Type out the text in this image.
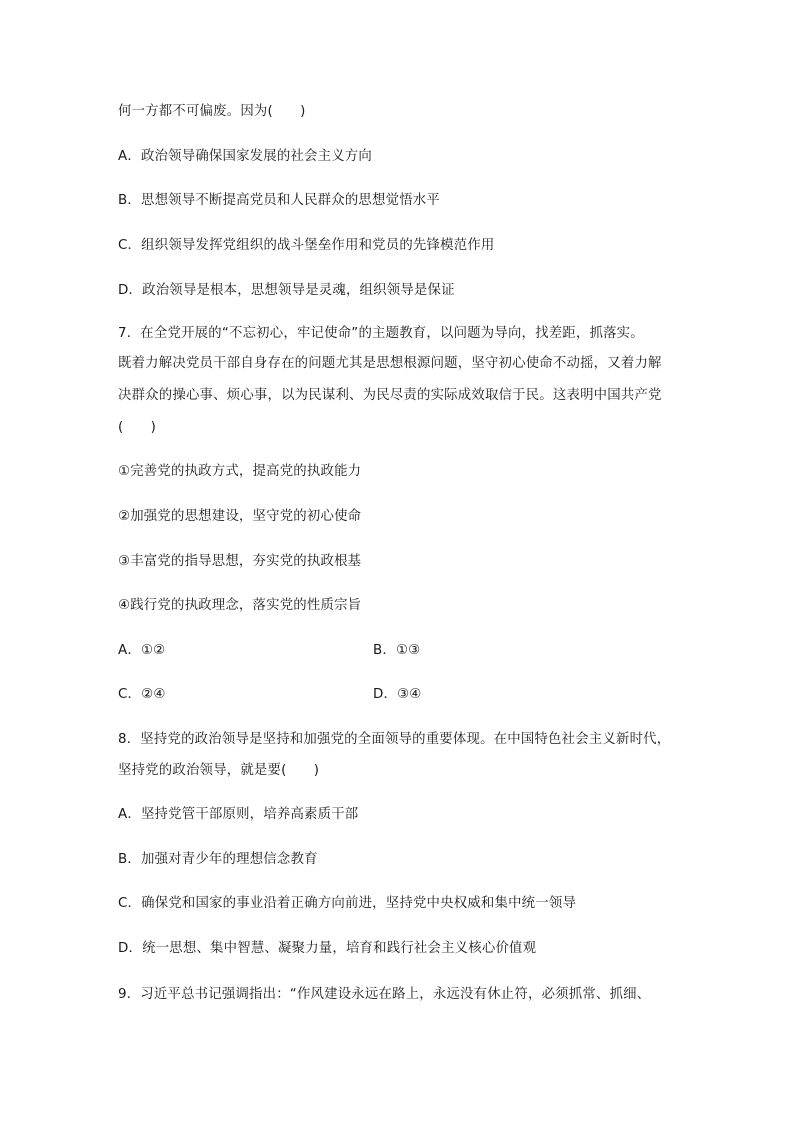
何一方都不可偏废。因为(　　)
A．政治领导确保国家发展的社会主义方向
B．思想领导不断提高党员和人民群众的思想觉悟水平
C．组织领导发挥党组织的战斗堡垒作用和党员的先锋模范作用
D．政治领导是根本，思想领导是灵魂，组织领导是保证
7．在全党开展的“不忘初心，牢记使命”的主题教育，以问题为导向，找差距，抓落实。
既着力解决党员干部自身存在的问题尤其是思想根源问题，坚守初心使命不动摇，又着力解
决群众的操心事、烦心事，以为民谋利、为民尽责的实际成效取信于民。这表明中国共产党
(　　)
①完善党的执政方式，提高党的执政能力
②加强党的思想建设，坚守党的初心使命
③丰富党的指导思想，夯实党的执政根基
④践行党的执政理念，落实党的性质宗旨
A．①②	B．①③
C．②④	D．③④
8．坚持党的政治领导是坚持和加强党的全面领导的重要体现。在中国特色社会主义新时代，
坚持党的政治领导，就是要(　　)
A．坚持党管干部原则，培养高素质干部
B．加强对青少年的理想信念教育
C．确保党和国家的事业沿着正确方向前进，坚持党中央权威和集中统一领导
D．统一思想、集中智慧、凝聚力量，培育和践行社会主义核心价值观
9．习近平总书记强调指出：“作风建设永远在路上，永远没有休止符，必须抓常、抓细、
